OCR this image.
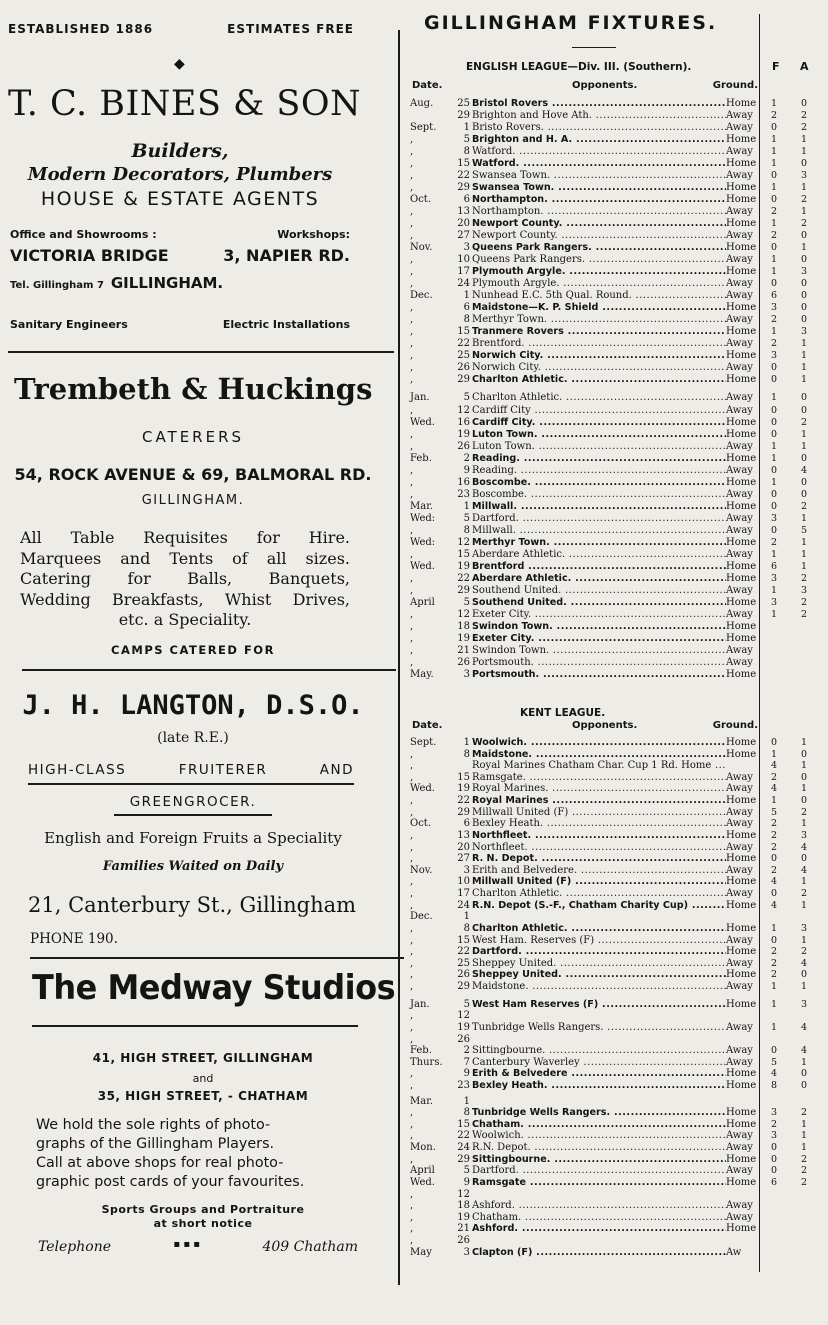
ESTABLISHED 1886	ESTIMATES FREE
◆
T. C. BINES & SON
Builders,
Modern Decorators, Plumbers
HOUSE & ESTATE AGENTS
Office and Showrooms :	Workshops:
VICTORIA BRIDGE	3, NAPIER RD.
Tel. Gillingham 7 GILLINGHAM.
Sanitary Engineers	Electric Installations
Trembeth & Huckings
CATERERS
54, ROCK AVENUE & 69, BALMORAL RD.
GILLINGHAM.
All Table Requisites for Hire.
Marquees and Tents of all sizes.
Catering for Balls, Banquets,
Wedding Breakfasts, Whist Drives,
etc. a Speciality.
CAMPS CATERED FOR
J. H. LANGTON, D.S.O.
(late R.E.)
HIGH-CLASS	FRUITERER	AND
GREENGROCER.
English and Foreign Fruits a Speciality
Families Waited on Daily
21, Canterbury St., Gillingham
PHONE 190.
The Medway Studios
41, HIGH STREET, GILLINGHAM
and
35, HIGH STREET, - CHATHAM
We hold the sole rights of photo-
graphs of the Gillingham Players.
Call at above shops for real photo-
graphic post cards of your favourites.
Sports Groups and Portraiture
at short notice
Telephone	▪ ▪ ▪	409 Chatham
GILLINGHAM FIXTURES.
ENGLISH LEAGUE—Div. III. (Southern).	F A
Date.	Opponents.	Ground.
Aug.	25 Bristol Rovers .....	Home	1	0
29 Brighton and Hove Ath. .....	Away	2	2
Sept.	1 Bristo Rovers. .....	Away	0	2
,	5 Brighton and H. A. .....	Home	1	1
,	8 Watford. .....	Away	1	1
,	15 Watford. .....	Home	1	0
,	22 Swansea Town. .....	Away	0	3
,	29 Swansea Town. .....	Home	1	1
Oct.	6 Northampton. .....	Home	0	2
,	13 Northampton. .....	Away	2	1
,	20 Newport County. .....	Home	1	2
,	27 Newport County. .....	Away	2	0
Nov.	3 Queens Park Rangers. .....	Home	0	1
,	10 Queens Park Rangers. .....	Away	1	0
,	17 Plymouth Argyle. .....	Home	1	3
,	24 Plymouth Argyle. .....	Away	0	0
Dec.	1 Nunhead E.C. 5th Qual. Round. .....	Away	6	0
,	6 Maidstone—K. P. Shield .....	Home	3	0
,	8 Merthyr Town. .....	Away	2	0
,	15 Tranmere Rovers .....	Home	1	3
,	22 Brentford. .....	Away	2	1
,	25 Norwich City. .....	Home	3	1
,	26 Norwich City. .....	Away	0	1
,	29 Charlton Athletic. .....	Home	0	1
Jan.	5 Charlton Athletic. .....	Away	1	0
,	12 Cardiff City .....	Away	0	0
Wed.	16 Cardiff City. .....	Home	0	2
,	19 Luton Town. .....	Home	0	1
,	26 Luton Town. .....	Away	1	1
Feb.	2 Reading. .....	Home	1	0
,	9 Reading. .....	Away	0	4
,	16 Boscombe. .....	Home	1	0
,	23 Boscombe. .....	Away	0	0
Mar.	1 Millwall. .....	Home	0	2
Wed:	5 Dartford. .....	Away	3	1
,	8 Millwall. .....	Away	0	5
Wed:	12 Merthyr Town. .....	Home	2	1
,	15 Aberdare Athletic. .....	Away	1	1
Wed.	19 Brentford .....	Home	6	1
,	22 Aberdare Athletic. .....	Home	3	2
,	29 Southend United. .....	Away	1	3
April	5 Southend United. .....	Home	3	2
,	12 Exeter City. .....	Away	1	2
,	18 Swindon Town. .....	Home
,	19 Exeter City. .....	Home
,	21 Swindon Town. .....	Away
,	26 Portsmouth. .....	Away
May.	3 Portsmouth. .....	Home
KENT LEAGUE.
Date.	Opponents.	Ground.
Sept.	1 Woolwich. .....	Home	0	1
,	8 Maidstone. .....	Home	1	0
,	Royal Marines Chatham Char. Cup 1 Rd. Home .....	4	1
,	15 Ramsgate. .....	Away	2	0
Wed.	19 Royal Marines. .....	Away	4	1
,	22 Royal Marines .....	Home	1	0
,	29 Millwall United (F) .....	Away	5	2
Oct.	6 Bexley Heath. .....	Away	2	1
,	13 Northfleet. .....	Home	2	3
,	20 Northfleet. .....	Away	2	4
,	27 R. N. Depot. .....	Home	0	0
Nov.	3 Erith and Belvedere. .....	Away	2	4
,	10 Millwall United (F) .....	Home	4	1
,	17 Charlton Athletic. .....	Away	0	2
,	24 R.N. Depot (S.-F., Chatham Charity Cup) .....	Home	4	1
Dec.	1
,	8 Charlton Athletic. .....	Home	1	3
,	15 West Ham. Reserves (F) .....	Away	0	1
,	22 Dartford. .....	Home	2	2
,	25 Sheppey United. .....	Away	2	4
,	26 Sheppey United. .....	Home	2	0
,	29 Maidstone. .....	Away	1	1
Jan.	5 West Ham Reserves (F) .....	Home	1	3
,	12
,	19 Tunbridge Wells Rangers. .....	Away	1	4
,	26
Feb.	2 Sittingbourne. .....	Away	0	4
Thurs.	7 Canterbury Waverley .....	Away	5	1
,	9 Erith & Belvedere .....	Home	4	0
,	23 Bexley Heath. .....	Home	8	0
Mar.	1
,	8 Tunbridge Wells Rangers. .....	Home	3	2
,	15 Chatham. .....	Home	2	1
,	22 Woolwich. .....	Away	3	1
Mon.	24 R.N. Depot. .....	Away	0	1
,	29 Sittingbourne. .....	Home	0	2
April	5 Dartford. .....	Away	0	2
Wed.	9 Ramsgate .....	Home	6	2
,	12
,	18 Ashford. .....	Away
,	19 Chatham. .....	Away
,	21 Ashford. .....	Home
,	26
May	3 Clapton (F) .....	Aw
